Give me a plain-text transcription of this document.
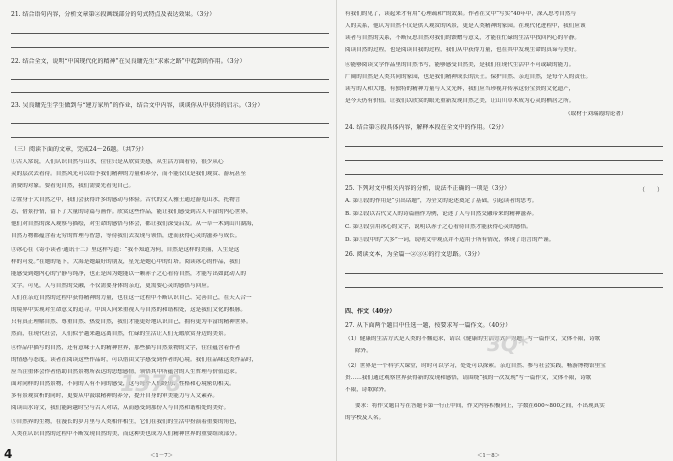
21. 结合语句内容，分析文章第②段画线部分的句式特点及表达效果。（3分）
22. 结合全文，说明“中国现代化的精神”在吴良镛先生“求索之路”中起到的作用。（3分）
23. 吴良镛先生学生做到与“建万家所”的作业，结合文中内容，谈谈你从中获得的启示。（3分）
（三）阅读下面的文章，完成24～26题。（共7分）
①古人常说，人们认识自然与山水，往往只是从欣赏美感，从生活方面看待，很少从心
灵的层次去看待。自然风光可以给予我们精神的力量和养分，而不能仅仅是我们观赏、游玩甚至
消费的对象。要看见自然，我们需要先看见自己。
②置身于大自然之中，我们会获得许多的感动与体验。古代的文人雅士通过游览山水，托物言
志，借景抒情，留下了大量的诗篇与画作。欣赏这些作品，能让我们感受到古人丰富的内心世界，
他们对自然的深入观察与描绘，对生命的感悟与体会，都让我们深受启发。从一草一木到山川湖海，
自然万物都蕴含着无穷的哲理与智慧，等待我们去发现与领悟，进而获得心灵的滋养与成长。
③冰心在《寄小读者·通讯十二》里这样写道：“我不知道为何，自然是这样的美丽，人生是这
样的可爱。”在她的笔下，大海是她最好的朋友，星光是她心中的灯塔。阅读冰心的作品，我们
能感受到她内心的宁静与纯净，也正是因为她能以一颗赤子之心看待自然，才能写出如此动人的
文字。可见，人与自然的交融，不仅需要身体的亲近，更需要心灵的感悟与回应。
人们在亲近自然的过程中获得精神的力量，也在这一过程中不断认识自己、完善自己，在天人合一
的境界中实现对生命意义的追寻。中国人向来重视人与自然的和谐相处，这是我们文化的根脉。
只有真正理解自然、尊重自然、热爱自然，我们才能更好地认识自己，拥有更为丰富的精神世界。
然而，在现代社会，人们似乎越来越远离自然，忙碌的生活让人们无暇欣赏身边的美景。
④作品中描写的自然，还有意味于人的精神世界，那些描写自然景物的文字，往往蕴含着作者
的情感与态度。读者在阅读这些作品时，可以借由文字感受到作者的心境。我们在品味这类作品时，
应当注重体会作者借助自然景物所表达的思想感情，领悟其中所蕴含的人生哲理与价值追求。
面对同样的自然景物，不同的人有不同的感受，这与每个人的经历、性格和心境密切相关。
多有景观赏析的同时，更要从中汲取精神的养分，提升自身的审美能力与人文素养。
阅读山水诗文，我们能跨越时空与古人对话，从而感受到那份人与自然和谐相处的美好。
⑤自然界的生物，在漫长的岁月里与人类相伴相生，它们在我们的生活中扮演着重要的角色，
人类在认识自然的过程中不断发现自然的美，而这种美也成为人们精神世界的重要组成部分。
＜1－7＞
4
1378
有我们的见了，读起来才有用“心理疏和”的效果。作者在文中“写实”40年中，深入思考自然与
人的关系，他认为自然不仅是供人观赏的风景，更是人类精神的家园。在现代化进程中，我们应该
读者与自然的关系，不断反思自然对我们的馈赠与意义，才能在忙碌的生活中找回内心的平静。
阅读自然的过程，也是阅读自我的过程，我们从中获得力量，也在其中发现生命的真谛与美好。
⑥能够阅读文学作品里的自然书写，能够感受自然美，是我们在现代生活中不可或缺的能力。
广阔的自然是人类共同的家园，也是我们精神成长的沃土。保护自然、亲近自然，是每个人的责任。
读写的人和大地，有独特的精神力量与人文光辉，我们应当珍视并传承这份宝贵的文化遗产，
是今天仍有价值。让我们以欣赏的眼光重新发现自然之美，让山川草木成为心灵的栖居之所。
（取材于刘瑞霞的论著）
24. 结合第⑤段具体内容，解释本段在全文中的作用。（2分）
25. 下列对文中相关内容的分析，说法不正确的一项是（3分）	（　　）
A. 第①段的作用是“引出话题”，为全文的论述奠定了基础，引起读者的思考。
B. 第②段以古代文人的诗篇画作为例，论述了人与自然交融带来的精神滋养。
C. 第③段引用冰心的文字，说明以赤子之心看待自然才能获得心灵的感悟。
D. 第⑤段中的“大多”一词，说明文中观点并不适用于所有情况，体现了语言的严谨。
26. 阅读文本，为全篇一②③④的行文思路。（3分）
四、作文（40分）
27. 从下面两个题目中任选一题，按要求写一篇作文。（40分）
（1）健康的生活方式是人类的不懈追求，请以《健康的生活方式》为题，写一篇作文，文体不限，诗歌
除外。
（2）世界是一个科学大课堂，时时可以学习，处处可以探索。亲近自然、参与社会实践，畅游博物馆里宝
贵……我们通过观察世界获得新的发现和感悟，请围绕“我的一次发现”写一篇作文，文体不限，诗歌
不限，诗歌除外。
要求：将作文题目写在答题卡第一行正中间，作文内容积极向上，字数在600~800之间，不出现真实
的学校及人名。
＜1－8＞
3Q*
